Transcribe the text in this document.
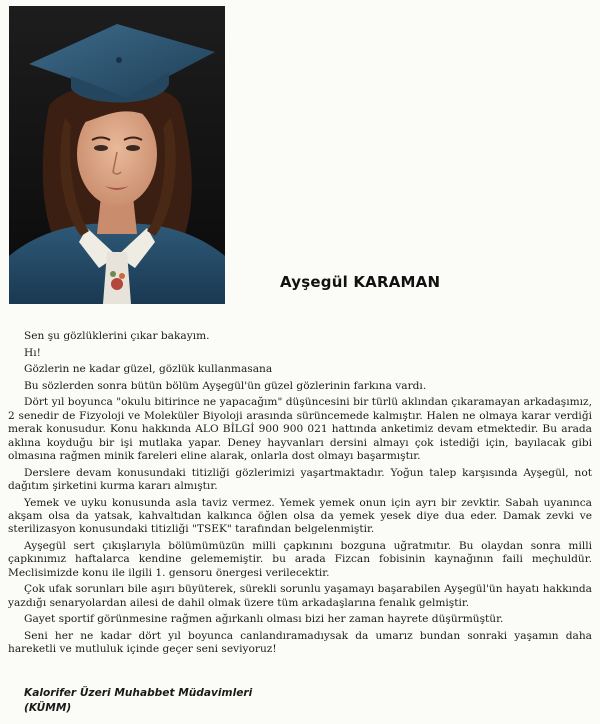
Ayşegül KARAMAN

Sen şu gözlüklerini çıkar bakayım.

Hı!

Gözlerin ne kadar güzel, gözlük kullanmasana

Bu sözlerden sonra bütün bölüm Ayşegül'ün güzel gözlerinin farkına vardı.

Dört yıl boyunca "okulu bitirince ne yapacağım" düşüncesini bir türlü aklından çıkaramayan arkadaşımız, 2 senedir de Fizyoloji ve Moleküler Biyoloji arasında sürüncemede kalmıştır. Halen ne olmaya karar verdiği merak konusudur. Konu hakkında ALO BİLGİ 900 900 021 hattında anketimiz devam etmektedir. Bu arada aklına koyduğu bir işi mutlaka yapar. Deney hayvanları dersini almayı çok istediği için, bayılacak gibi olmasına rağmen minik fareleri eline alarak, onlarla dost olmayı başarmıştır.

Derslere devam konusundaki titizliği gözlerimizi yaşartmaktadır. Yoğun talep karşısında Ayşegül, not dağıtım şirketini kurma kararı almıştır.

Yemek ve uyku konusunda asla taviz vermez. Yemek yemek onun için ayrı bir zevktir. Sabah uyanınca akşam olsa da yatsak, kahvaltıdan kalkınca öğlen olsa da yemek yesek diye dua eder. Damak zevki ve sterilizasyon konusundaki titizliği "TSEK" tarafından belgelenmiştir.

Ayşegül sert çıkışlarıyla bölümümüzün milli çapkınını bozguna uğratmıtır. Bu olaydan sonra milli çapkınımız haftalarca kendine gelememiştir. bu arada Fizcan fobisinin kaynağının faili meçhuldür. Meclisimizde konu ile ilgili 1. gensoru önergesi verilecektir.

Çok ufak sorunları bile aşırı büyüterek, sürekli sorunlu yaşamayı başarabilen Ayşegül'ün hayatı hakkında yazdığı senaryolardan ailesi de dahil olmak üzere tüm arkadaşlarına fenalık gelmiştir.

Gayet sportif görünmesine rağmen ağırkanlı olması bizi her zaman hayrete düşürmüştür.

Seni her ne kadar dört yıl boyunca canlandıramadıysak da umarız bundan sonraki yaşamın daha hareketli ve mutluluk içinde geçer seni seviyoruz!

Kalorifer Üzeri Muhabbet Müdavimleri
(KÜMM)
